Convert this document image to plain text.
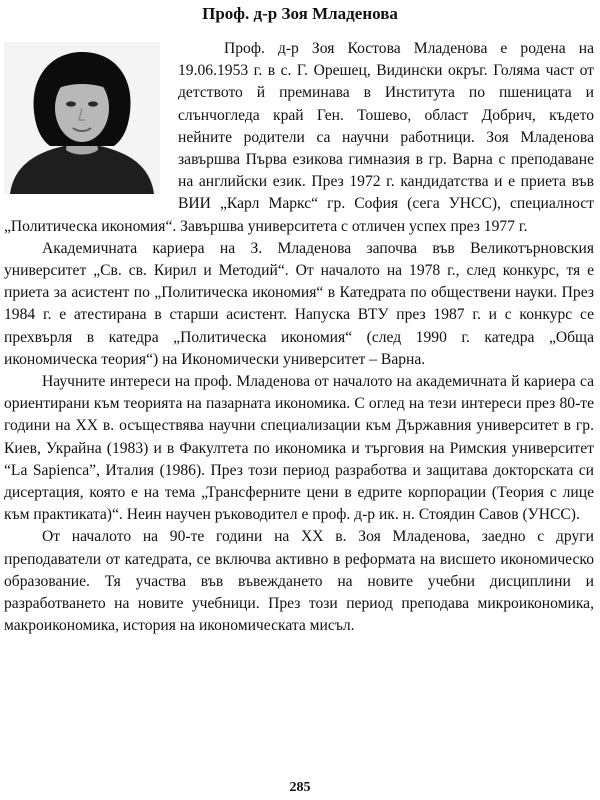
Проф. д-р Зоя Младенова

Проф. д-р Зоя Костова Младенова е родена на 19.06.1953 г. в с. Г. Орешец, Видински окръг. Голяма част от детството й преминава в Института по пшеницата и слънчогледа край Ген. Тошево, област Добрич, където нейните родители са научни работници. Зоя Младенова завършва Първа езикова гимназия в гр. Варна с преподаване на английски език. През 1972 г. кандидатства и е приета във ВИИ „Карл Маркс“ гр. София (сега УНСС), специалност „Политическа икономия“. Завършва университета с отличен успех през 1977 г.

Академичната кариера на З. Младенова започва във Великотърновския университет „Св. св. Кирил и Методий“. От началото на 1978 г., след конкурс, тя е приета за асистент по „Политическа икономия“ в Катедрата по обществени науки. През 1984 г. е атестирана в старши асистент. Напуска ВТУ през 1987 г. и с конкурс се прехвърля в катедра „Политическа икономия“ (след 1990 г. катедра „Обща икономическа теория“) на Икономически университет – Варна.

Научните интереси на проф. Младенова от началото на академичната й кариера са ориентирани към теорията на пазарната икономика. С оглед на тези интереси през 80-те години на XX в. осъществява научни специализации към Държавния университет в гр. Киев, Украйна (1983) и в Факултета по икономика и търговия на Римския университет “La Sapienca”, Италия (1986). През този период разработва и защитава докторската си дисертация, която е на тема „Трансферните цени в едрите корпорации (Теория с лице към практиката)“. Неин научен ръководител е проф. д-р ик. н. Стоядин Савов (УНСС).

От началото на 90-те години на XX в. Зоя Младенова, заедно с други преподаватели от катедрата, се включва активно в реформата на висшето икономическо образование. Тя участва във въвеждането на новите учебни дисциплини и разработването на новите учебници. През този период преподава микроикономика, макроикономика, история на икономическата мисъл.

285
